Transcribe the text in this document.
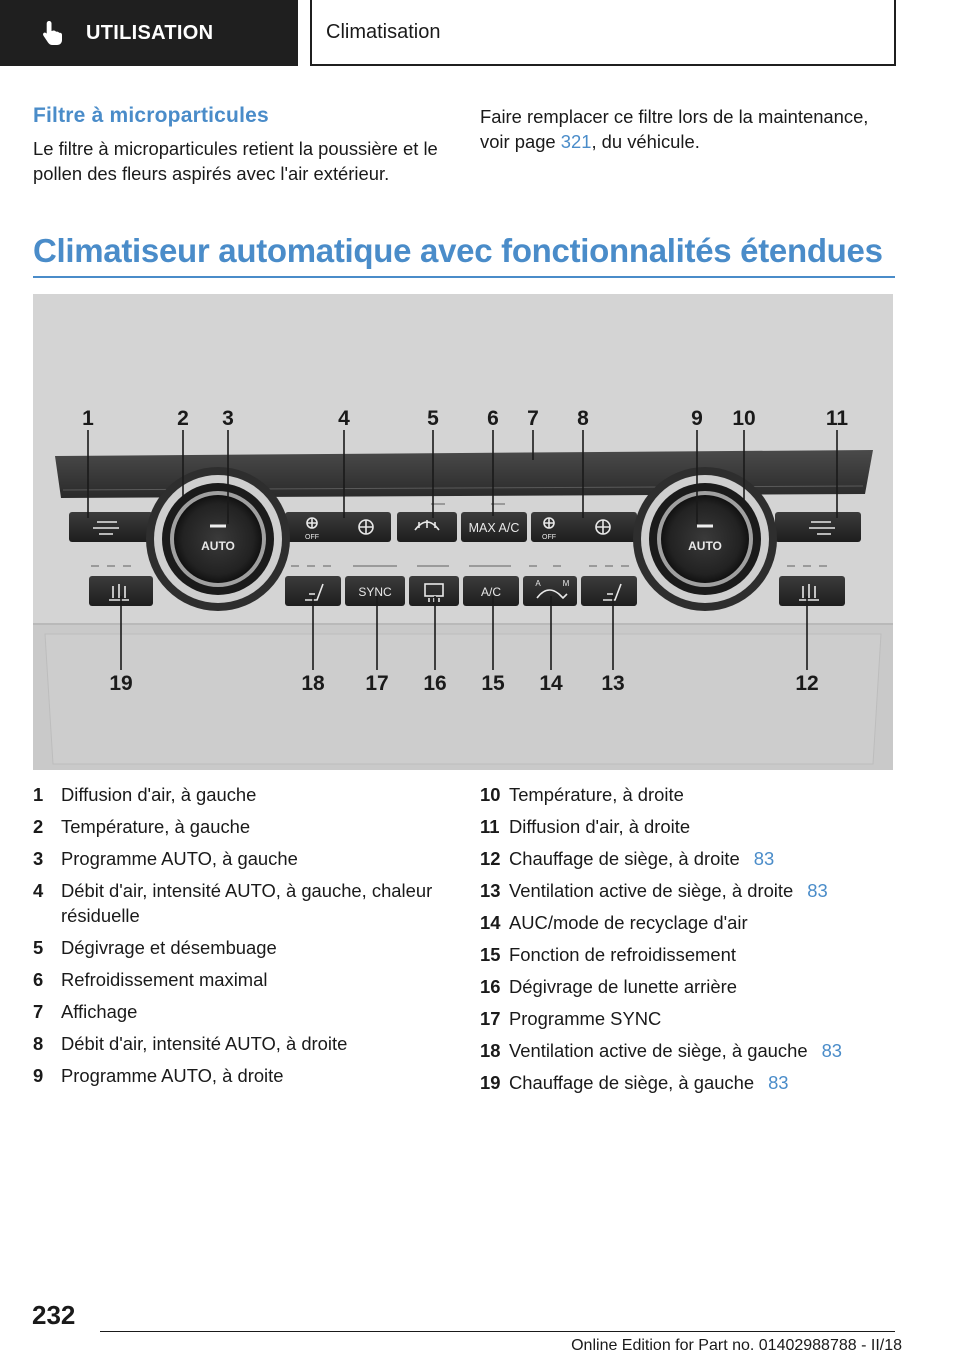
UTILISATION	Climatisation
Filtre à microparticules

Le filtre à microparticules retient la poussière et le pollen des fleurs aspirés avec l'air extérieur.

Faire remplacer ce filtre lors de la maintenance, voir page 321, du véhicule.

Climatiseur automatique avec fonctionnalités étendues
AUTO	AUTO
MAX A/C
SYNC	A/C
OFF	OFF
A	M
1	2 3	4	5 6 7 8	9 10	11
19	18 17 16 15 14 13	12
1 Diffusion d'air, à gauche
2 Température, à gauche
3 Programme AUTO, à gauche
4 Débit d'air, intensité AUTO, à gauche, chaleur résiduelle
5 Dégivrage et désembuage
6 Refroidissement maximal
7 Affichage
8 Débit d'air, intensité AUTO, à droite
9 Programme AUTO, à droite
10 Température, à droite
11 Diffusion d'air, à droite
12 Chauffage de siège, à droite 83
13 Ventilation active de siège, à droite 83
14 AUC/mode de recyclage d'air
15 Fonction de refroidissement
16 Dégivrage de lunette arrière
17 Programme SYNC
18 Ventilation active de siège, à gauche 83
19 Chauffage de siège, à gauche 83
232
Online Edition for Part no. 01402988788 - II/18
